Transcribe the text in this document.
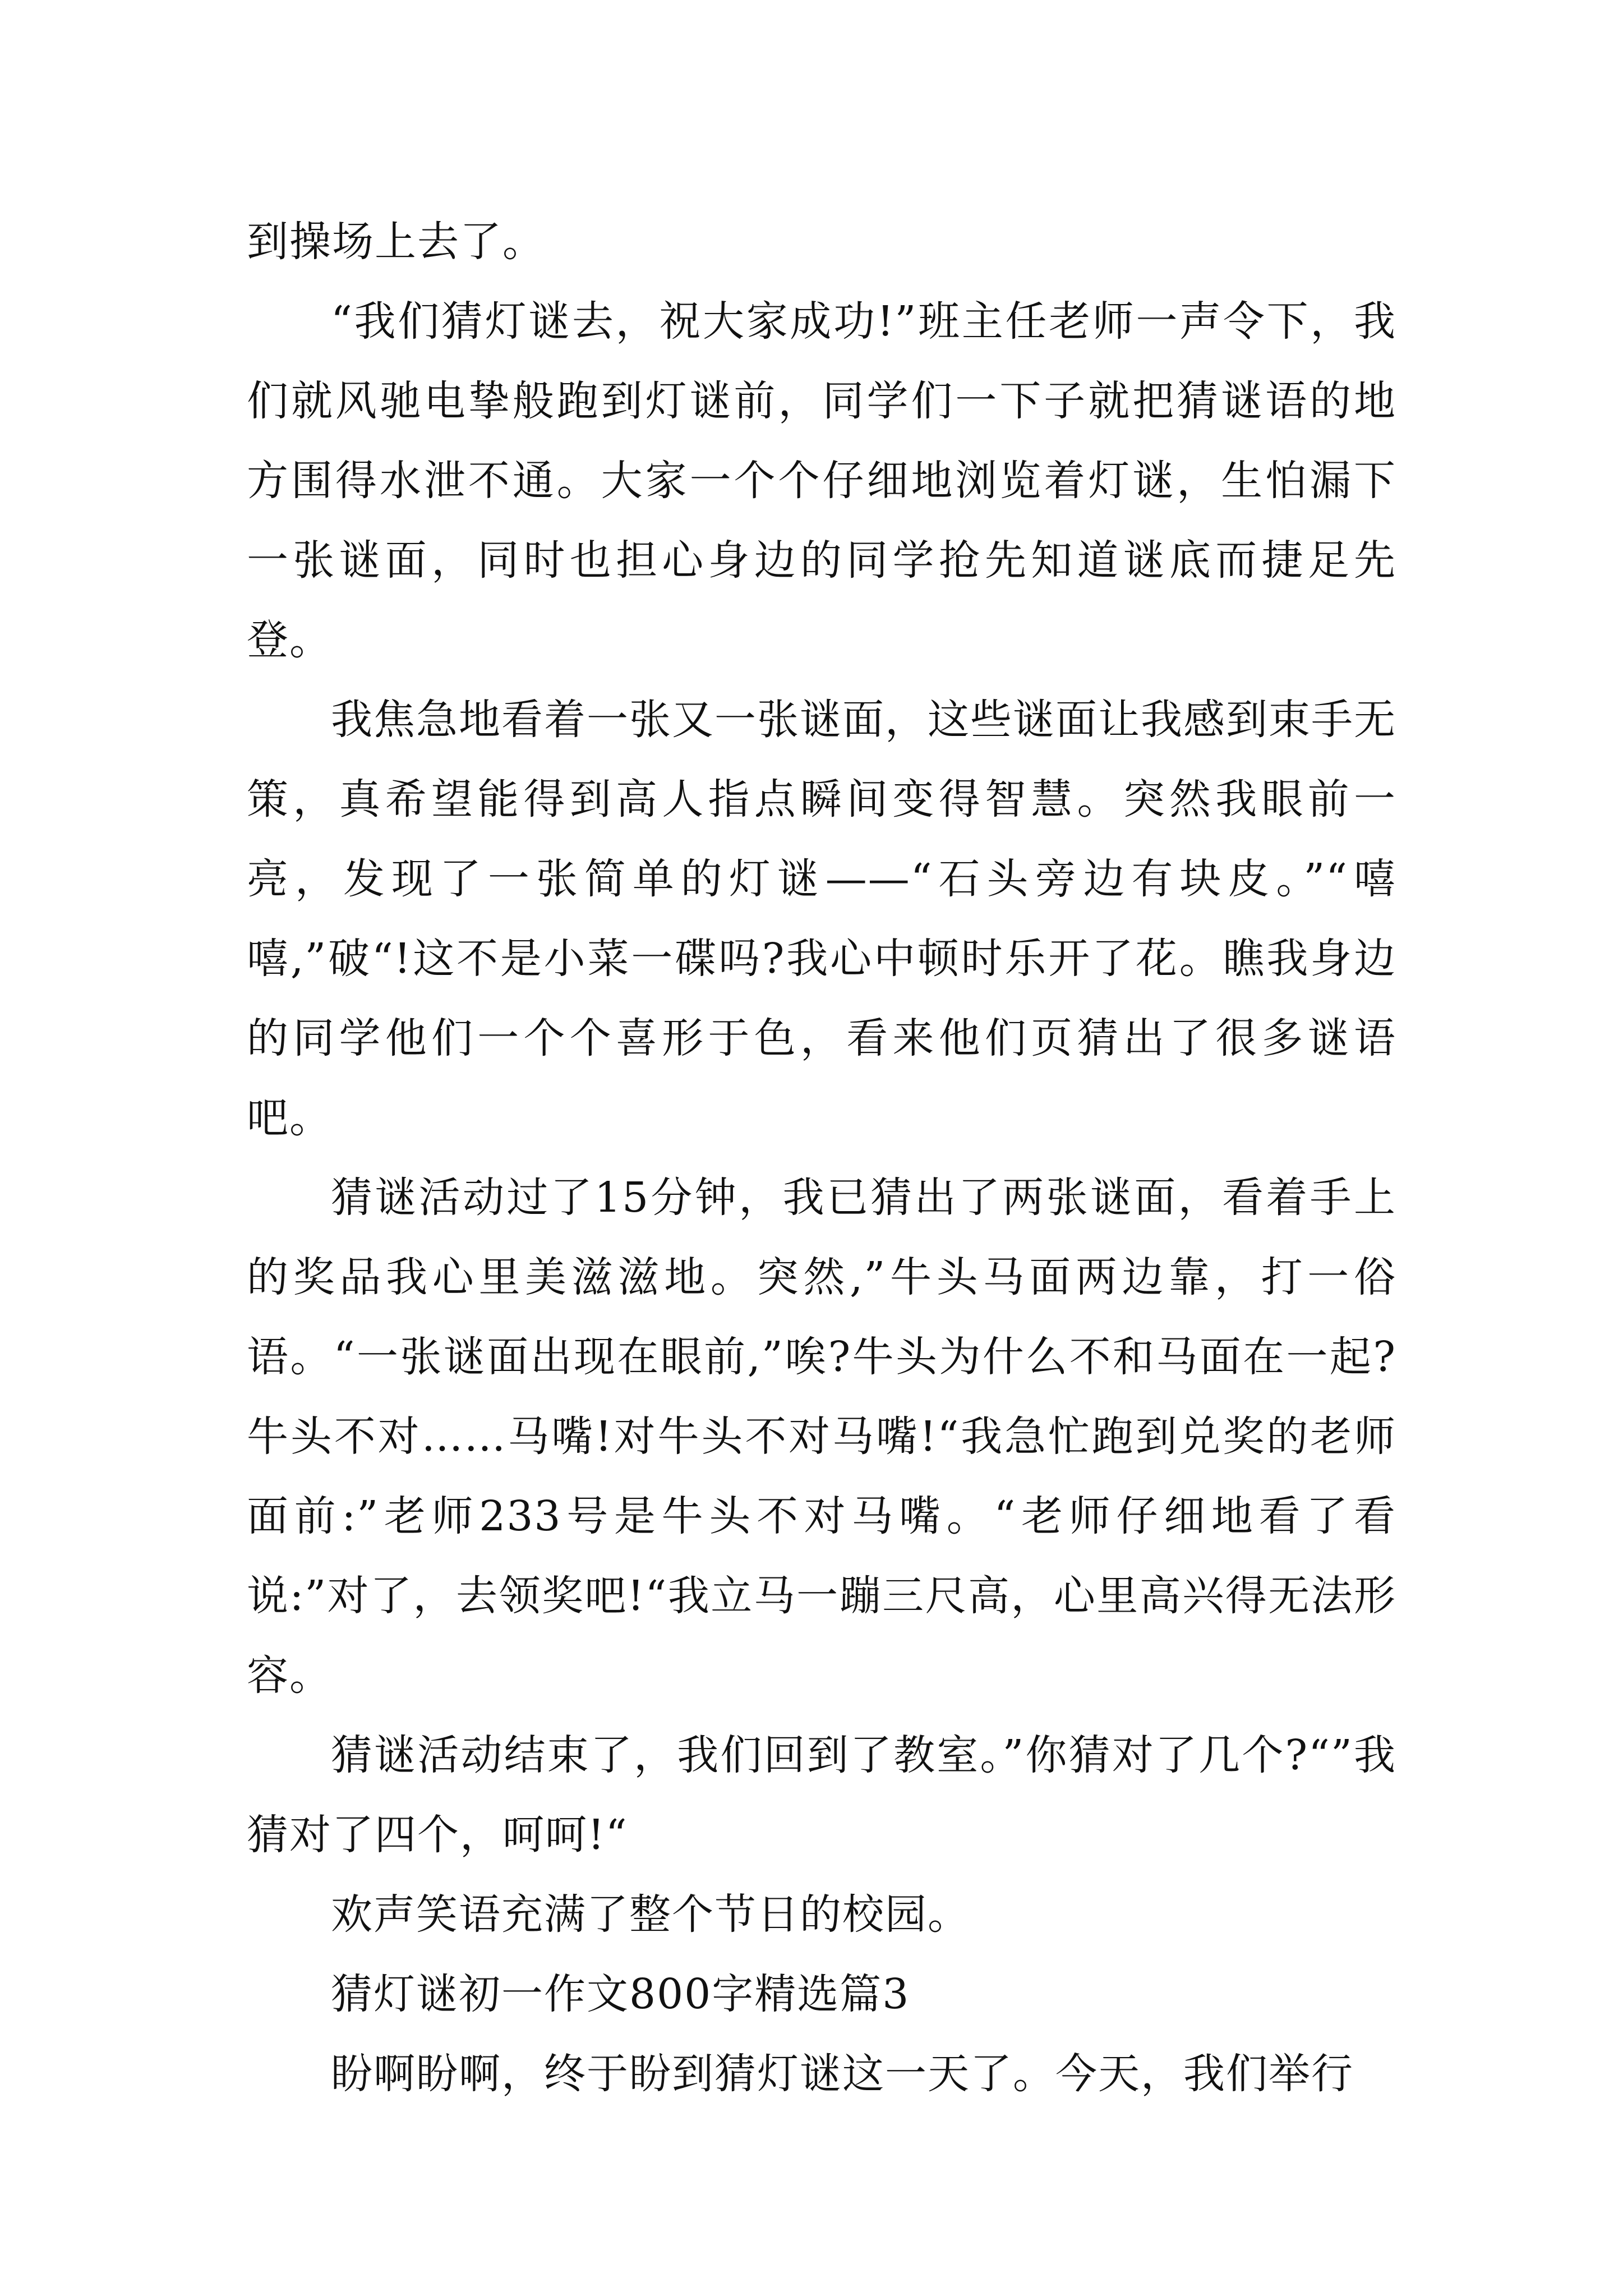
到操场上去了。

“我们猜灯谜去，祝大家成功!”班主任老师一声令下，我们就风驰电挚般跑到灯谜前，同学们一下子就把猜谜语的地方围得水泄不通。大家一个个仔细地浏览着灯谜，生怕漏下一张谜面，同时也担心身边的同学抢先知道谜底而捷足先登。

我焦急地看着一张又一张谜面，这些谜面让我感到束手无策，真希望能得到高人指点瞬间变得智慧。突然我眼前一亮，发现了一张简单的灯谜——“石头旁边有块皮。”“嘻嘻,”破“!这不是小菜一碟吗?我心中顿时乐开了花。瞧我身边的同学他们一个个喜形于色，看来他们页猜出了很多谜语吧。

猜谜活动过了15分钟，我已猜出了两张谜面，看着手上的奖品我心里美滋滋地。突然,”牛头马面两边靠，打一俗语。“一张谜面出现在眼前,”唉?牛头为什么不和马面在一起?牛头不对……马嘴!对牛头不对马嘴!“我急忙跑到兑奖的老师面前:”老师233号是牛头不对马嘴。“老师仔细地看了看说:”对了，去领奖吧!“我立马一蹦三尺高，心里高兴得无法形容。

猜谜活动结束了，我们回到了教室。”你猜对了几个?“”我猜对了四个，呵呵!“

欢声笑语充满了整个节日的校园。

猜灯谜初一作文800字精选篇3

盼啊盼啊，终于盼到猜灯谜这一天了。今天，我们举行
